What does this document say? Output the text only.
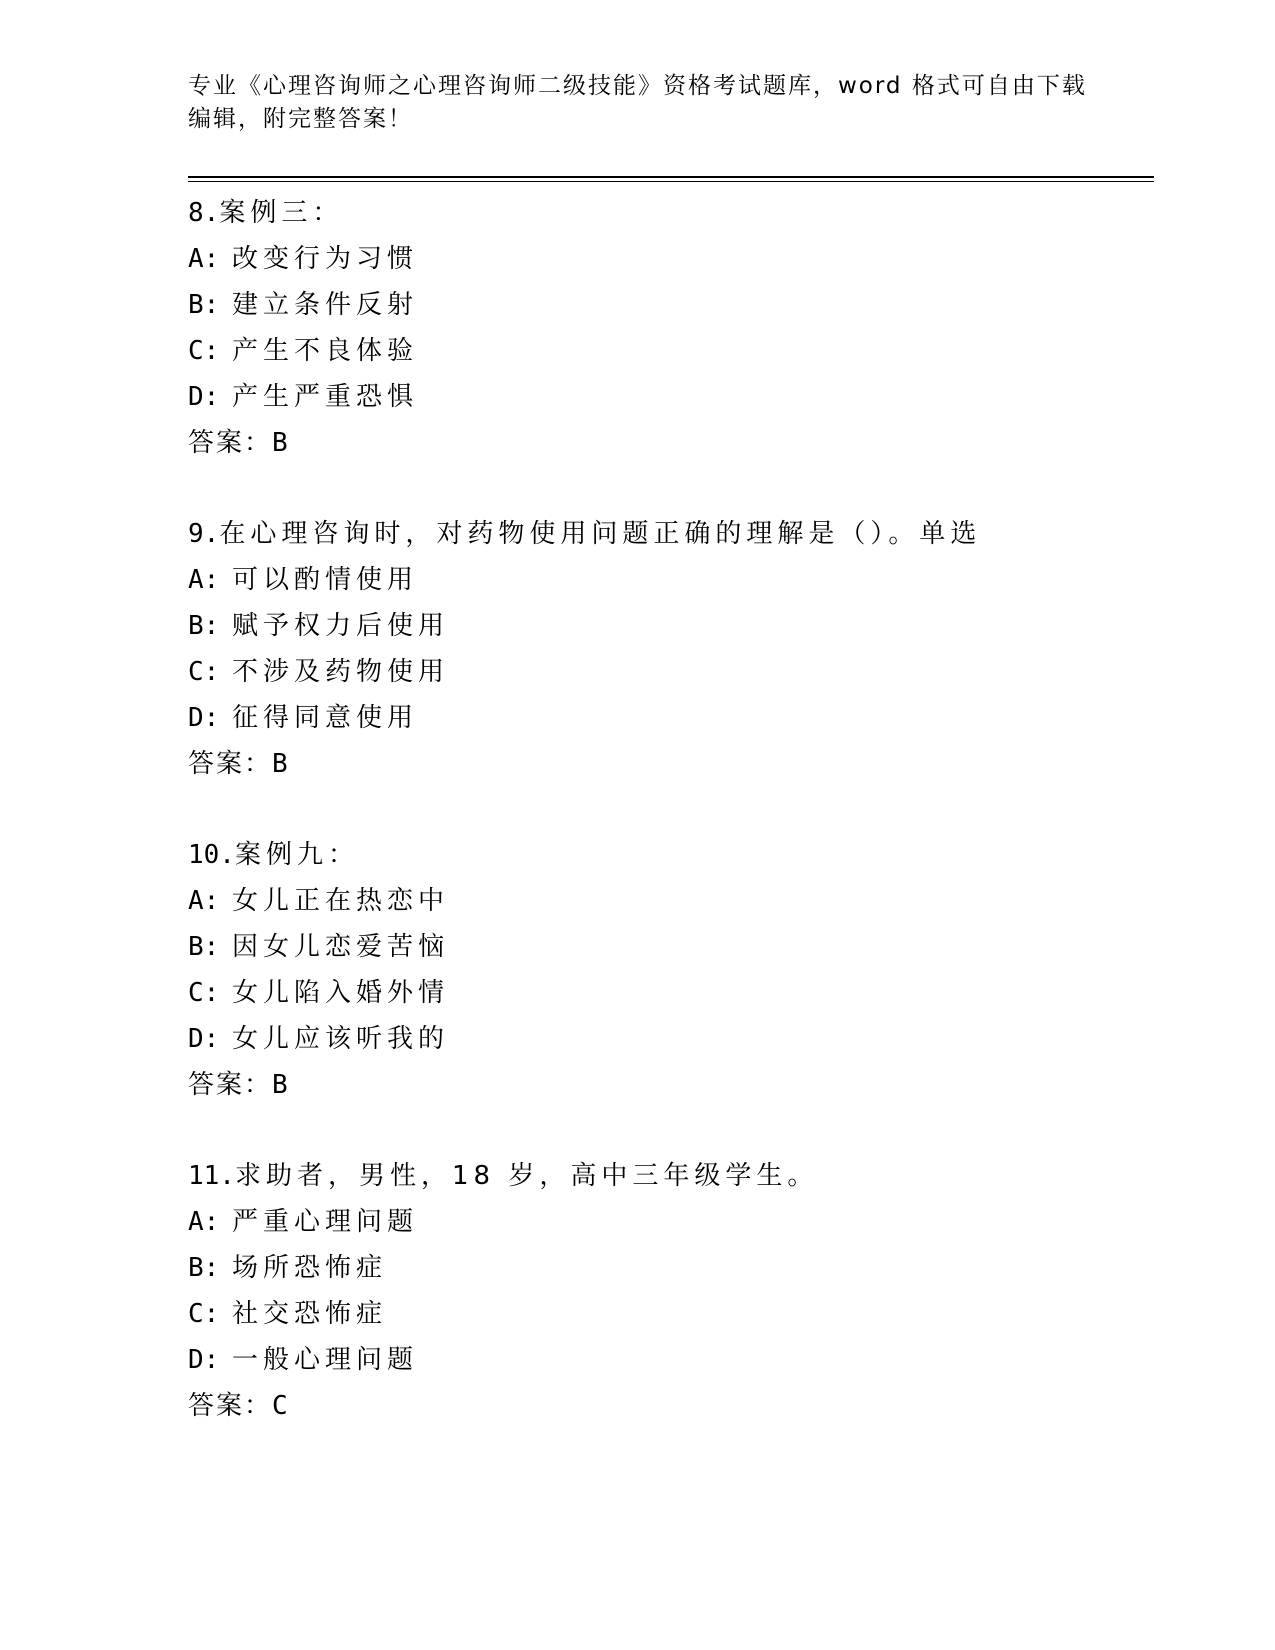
专业《心理咨询师之心理咨询师二级技能》资格考试题库，word 格式可自由下载
编辑，附完整答案！
8.案例三：
A: 改变行为习惯
B: 建立条件反射
C: 产生不良体验
D: 产生严重恐惧
答案：B
9.在心理咨询时，对药物使用问题正确的理解是（）。单选
A: 可以酌情使用
B: 赋予权力后使用
C: 不涉及药物使用
D: 征得同意使用
答案：B
10.案例九：
A: 女儿正在热恋中
B: 因女儿恋爱苦恼
C: 女儿陷入婚外情
D: 女儿应该听我的
答案：B
11.求助者，男性，18 岁，高中三年级学生。
A: 严重心理问题
B: 场所恐怖症
C: 社交恐怖症
D: 一般心理问题
答案：C
